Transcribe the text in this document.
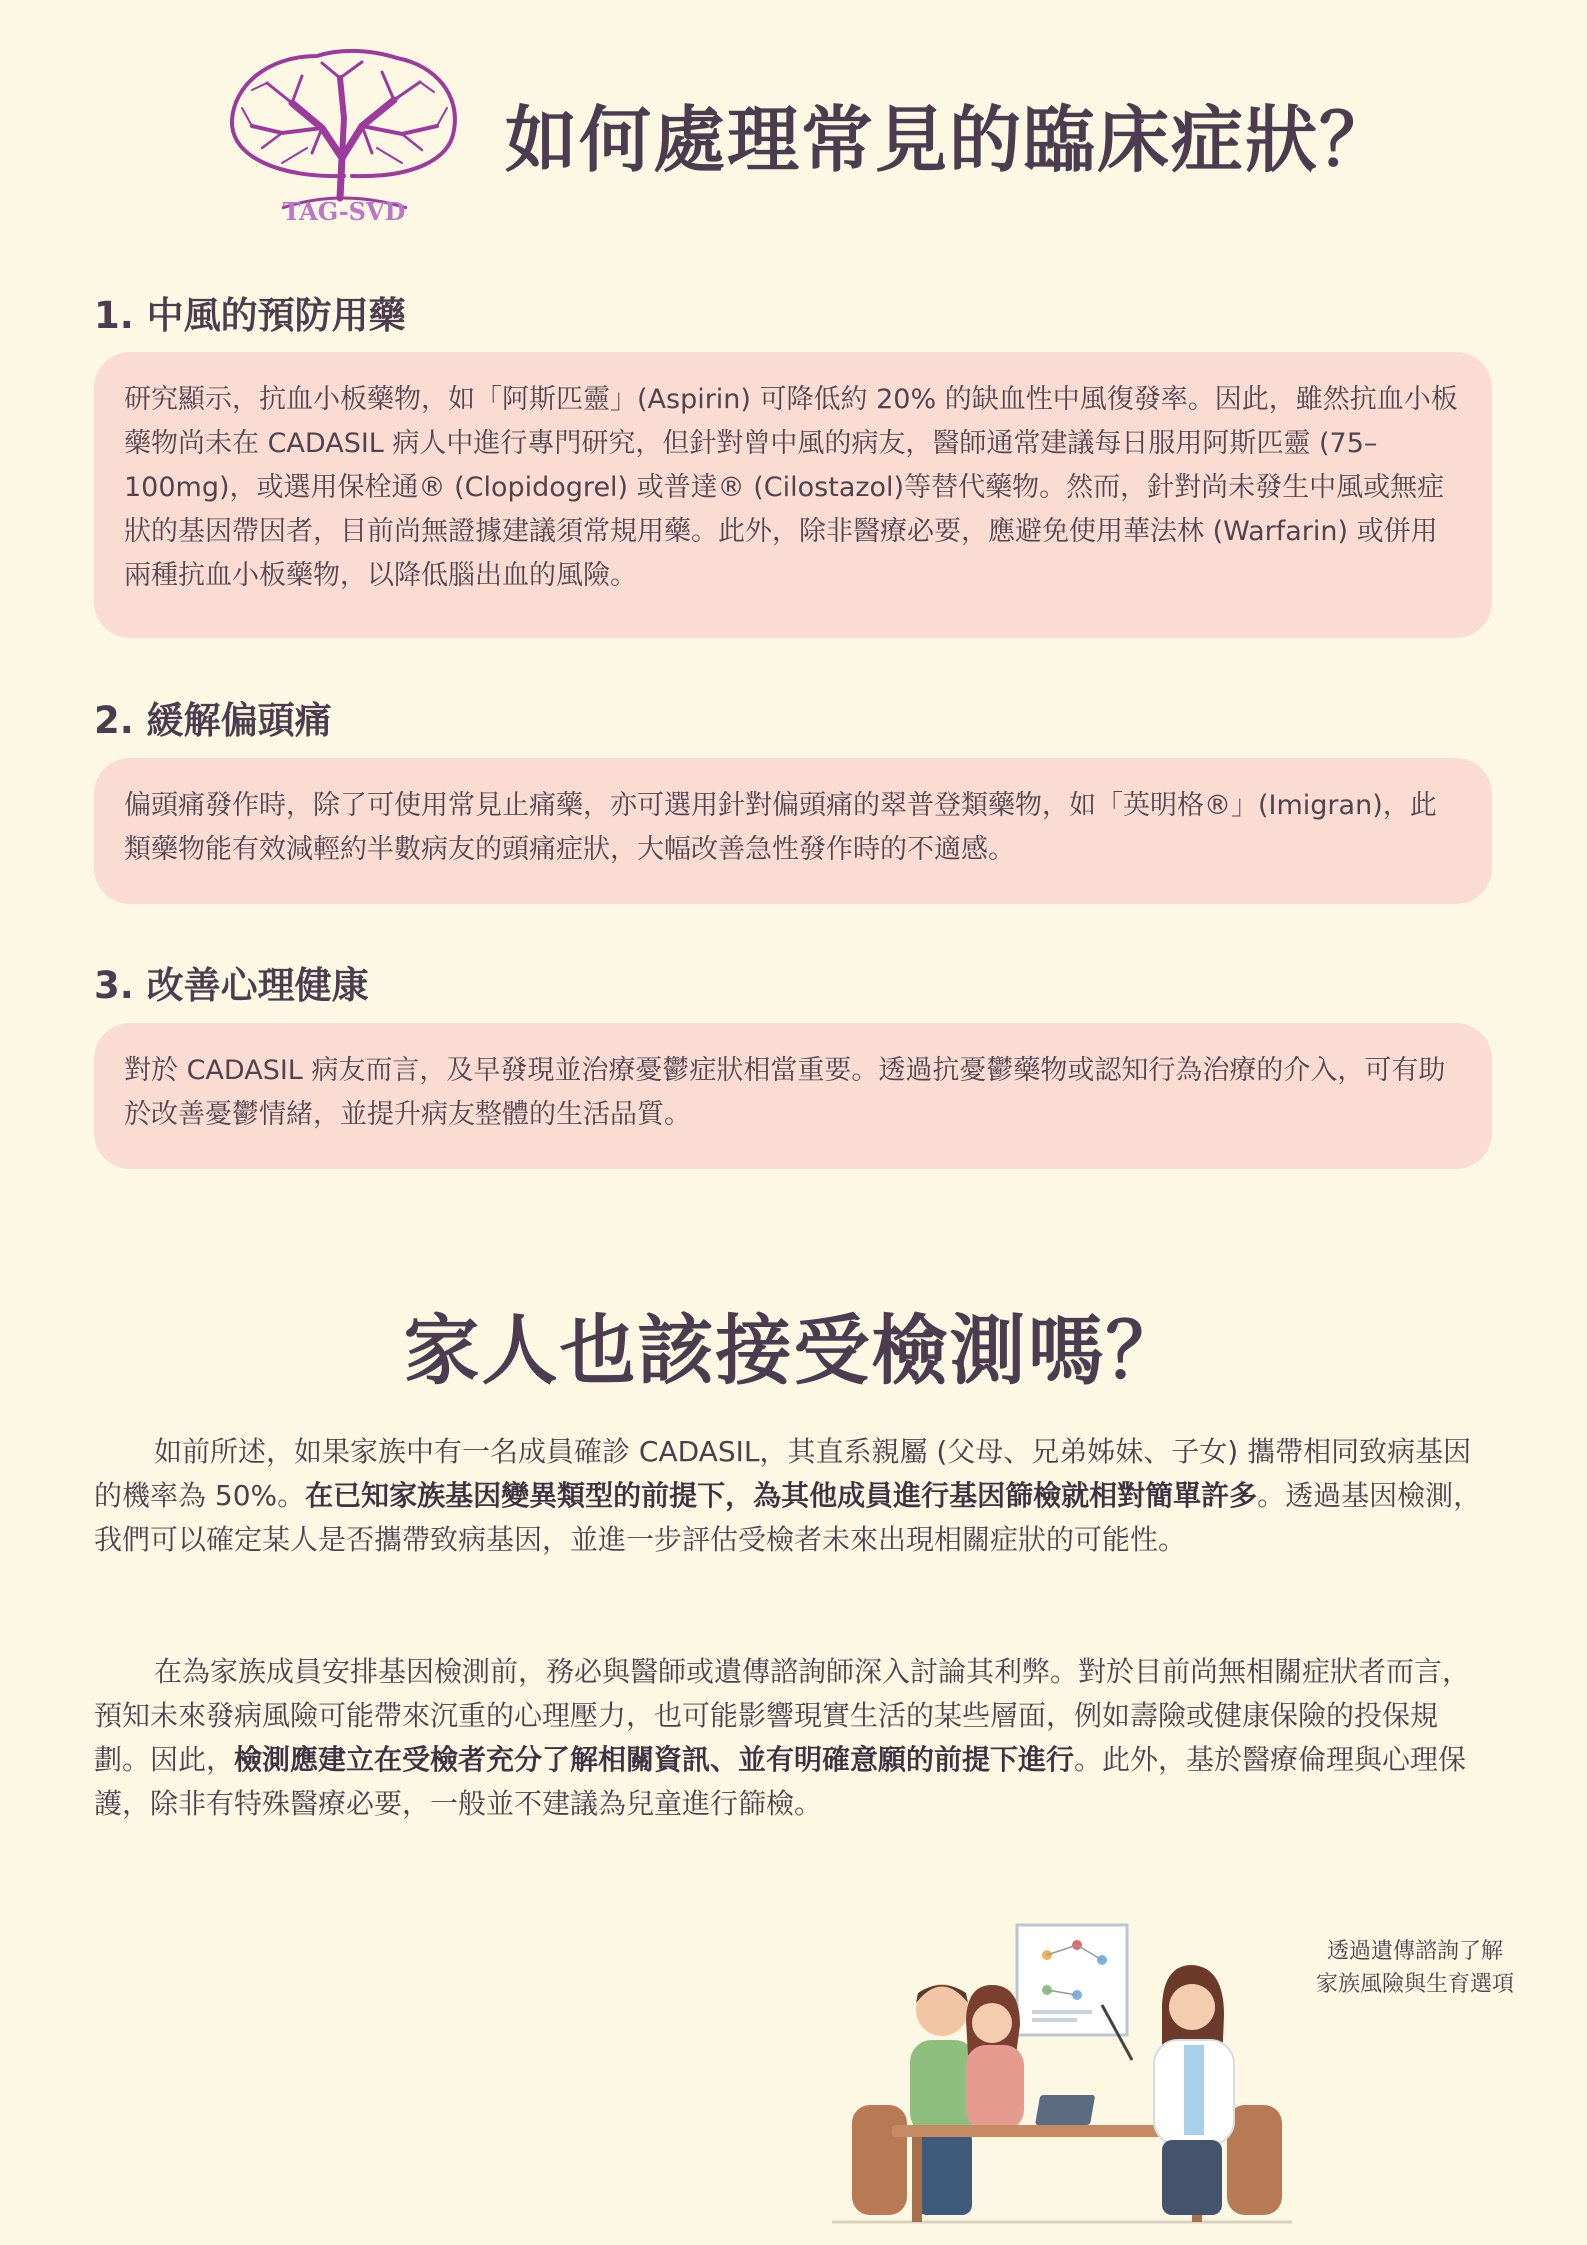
TAG-SVD
如何處理常見的臨床症狀？
1. 中風的預防用藥

研究顯示，抗血小板藥物，如「阿斯匹靈」(Aspirin) 可降低約 20% 的缺血性中風復發率。因此，雖然抗血小板藥物尚未在 CADASIL 病人中進行專門研究，但針對曾中風的病友，醫師通常建議每日服用阿斯匹靈 (75–100mg)，或選用保栓通® (Clopidogrel) 或普達® (Cilostazol)等替代藥物。然而，針對尚未發生中風或無症狀的基因帶因者，目前尚無證據建議須常規用藥。此外，除非醫療必要，應避免使用華法林 (Warfarin) 或併用兩種抗血小板藥物，以降低腦出血的風險。

2. 緩解偏頭痛

偏頭痛發作時，除了可使用常見止痛藥，亦可選用針對偏頭痛的翠普登類藥物，如「英明格®」(Imigran)，此類藥物能有效減輕約半數病友的頭痛症狀，大幅改善急性發作時的不適感。

3. 改善心理健康

對於 CADASIL 病友而言，及早發現並治療憂鬱症狀相當重要。透過抗憂鬱藥物或認知行為治療的介入，可有助於改善憂鬱情緒，並提升病友整體的生活品質。

家人也該接受檢測嗎？

如前所述，如果家族中有一名成員確診 CADASIL，其直系親屬 (父母、兄弟姊妹、子女) 攜帶相同致病基因的機率為 50%。在已知家族基因變異類型的前提下，為其他成員進行基因篩檢就相對簡單許多。透過基因檢測，我們可以確定某人是否攜帶致病基因，並進一步評估受檢者未來出現相關症狀的可能性。

在為家族成員安排基因檢測前，務必與醫師或遺傳諮詢師深入討論其利弊。對於目前尚無相關症狀者而言，預知未來發病風險可能帶來沉重的心理壓力，也可能影響現實生活的某些層面，例如壽險或健康保險的投保規劃。因此，檢測應建立在受檢者充分了解相關資訊、並有明確意願的前提下進行。此外，基於醫療倫理與心理保護，除非有特殊醫療必要，一般並不建議為兒童進行篩檢。

透過遺傳諮詢了解
家族風險與生育選項
